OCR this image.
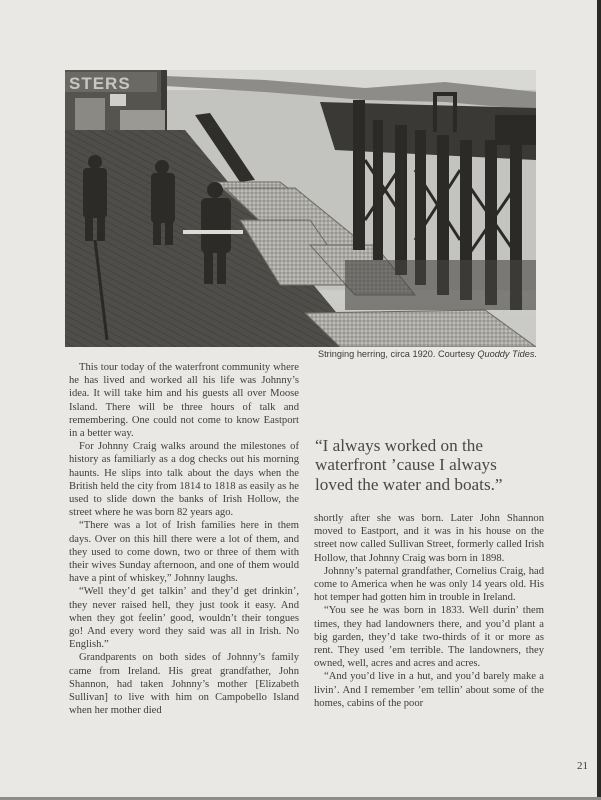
STERS
Stringing herring, circa 1920. Courtesy Quoddy Tides.

This tour today of the waterfront community where he has lived and worked all his life was Johnny’s idea. It will take him and his guests all over Moose Island. There will be three hours of talk and remembering. One could not come to know Eastport in a better way.

For Johnny Craig walks around the milestones of history as familiarly as a dog checks out his morning haunts. He slips into talk about the days when the British held the city from 1814 to 1818 as easily as he used to slide down the banks of Irish Hollow, the street where he was born 82 years ago.

“There was a lot of Irish families here in them days. Over on this hill there were a lot of them, and they used to come down, two or three of them with their wives Sunday afternoon, and one of them would have a pint of whiskey,” Johnny laughs.

“Well they’d get talkin’ and they’d get drinkin’, they never raised hell, they just took it easy. And when they got feelin’ good, wouldn’t their tongues go! And every word they said was all in Irish. No English.”

Grandparents on both sides of Johnny’s family came from Ireland. His great grandfather, John Shannon, had taken Johnny’s mother [Elizabeth Sullivan] to live with him on Campobello Island when her mother died

“I always worked on the
waterfront ’cause I always
loved the water and boats.”

shortly after she was born. Later John Shannon moved to Eastport, and it was in his house on the street now called Sullivan Street, formerly called Irish Hollow, that Johnny Craig was born in 1898.

Johnny’s paternal grandfather, Cornelius Craig, had come to America when he was only 14 years old. His hot temper had gotten him in trouble in Ireland.

“You see he was born in 1833. Well durin’ them times, they had landowners there, and you’d plant a big garden, they’d take two-thirds of it or more as rent. They used ’em terrible. The landowners, they owned, well, acres and acres and acres.

“And you’d live in a hut, and you’d barely make a livin’. And I remember ’em tellin’ about some of the homes, cabins of the poor

21
